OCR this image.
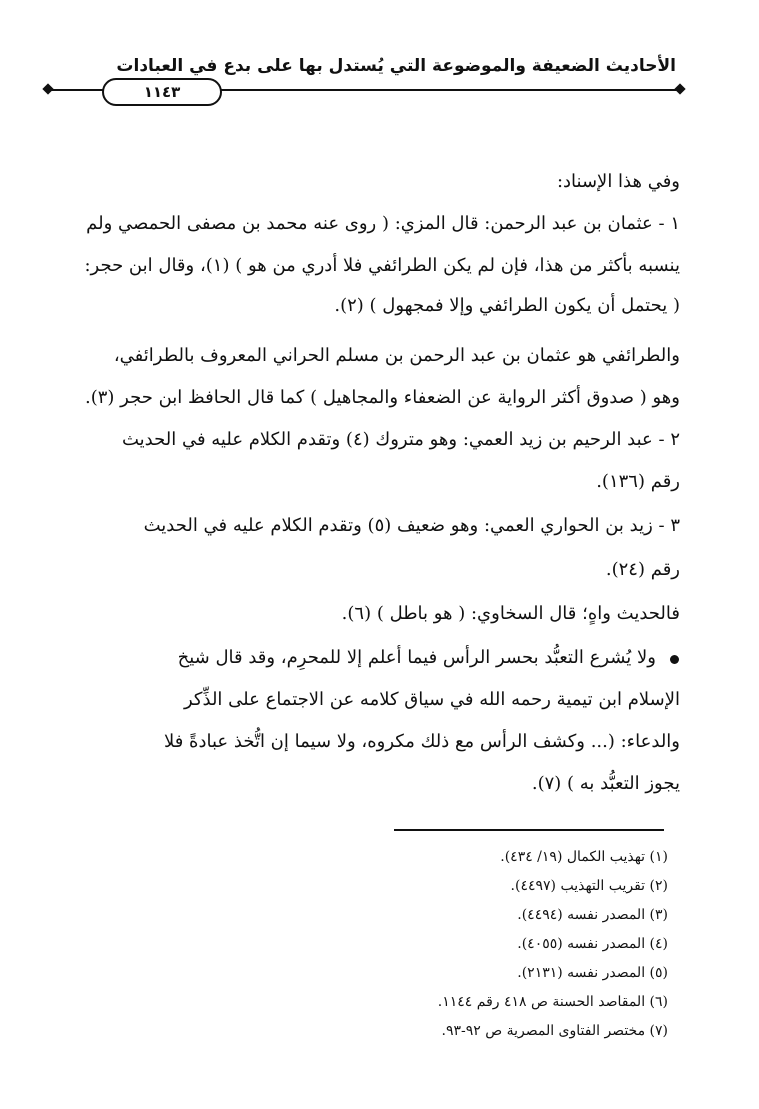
الأحاديث الضعيفة والموضوعة التي يُستدل بها على بدع في العبادات
١١٤٣
وفي هذا الإسناد:
١ - عثمان بن عبد الرحمن: قال المزي: ( روى عنه محمد بن مصفى الحمصي ولم
ينسبه بأكثر من هذا، فإن لم يكن الطرائفي فلا أدري من هو ) (١)، وقال ابن حجر:
( يحتمل أن يكون الطرائفي وإلا فمجهول ) (٢).
والطرائفي هو عثمان بن عبد الرحمن بن مسلم الحراني المعروف بالطرائفي،
وهو ( صدوق أكثر الرواية عن الضعفاء والمجاهيل ) كما قال الحافظ ابن حجر (٣).
٢ - عبد الرحيم بن زيد العمي: وهو متروك (٤) وتقدم الكلام عليه في الحديث
رقم (١٣٦).
٣ - زيد بن الحواري العمي: وهو ضعيف (٥) وتقدم الكلام عليه في الحديث
رقم (٢٤).
فالحديث واهٍ؛ قال السخاوي: ( هو باطل ) (٦).
ولا يُشرع التعبُّد بحسر الرأس فيما أعلم إلا للمحرِم، وقد قال شيخ
الإسلام ابن تيمية رحمه الله في سياق كلامه عن الاجتماع على الذِّكر
والدعاء: (... وكشف الرأس مع ذلك مكروه، ولا سيما إن اتُّخذ عبادةً فلا
يجوز التعبُّد به ) (٧).
(١) تهذيب الكمال (١٩/ ٤٣٤).
(٢) تقريب التهذيب (٤٤٩٧).
(٣) المصدر نفسه (٤٤٩٤).
(٤) المصدر نفسه (٤٠٥٥).
(٥) المصدر نفسه (٢١٣١).
(٦) المقاصد الحسنة ص ٤١٨ رقم ١١٤٤.
(٧) مختصر الفتاوى المصرية ص ٩٢-٩٣.
